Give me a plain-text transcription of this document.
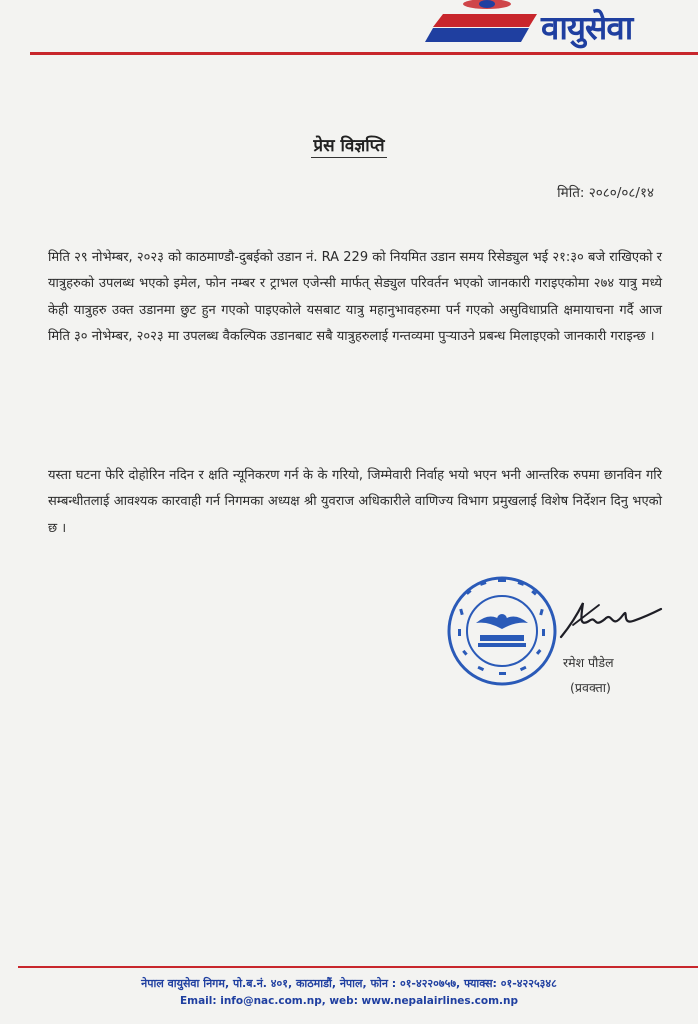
वायुसेवा
प्रेस विज्ञप्ति
मिति: २०८०/०८/१४
मिति २९ नोभेम्बर, २०२३ को काठमाण्डौ-दुबईको उडान नं. RA 229 को नियमित उडान समय रिसेड्युल भई २१:३० बजे राखिएको र यात्रुहरुको उपलब्ध भएको इमेल, फोन नम्बर र ट्राभल एजेन्सी मार्फत् सेड्युल परिवर्तन भएको जानकारी गराइएकोमा २७४ यात्रु मध्ये केही यात्रुहरु उक्त उडानमा छुट हुन गएको पाइएकोले यसबाट यात्रु महानुभावहरुमा पर्न गएको असुविधाप्रति क्षमायाचना गर्दै आज मिति ३० नोभेम्बर, २०२३ मा उपलब्ध वैकल्पिक उडानबाट सबै यात्रुहरुलाई गन्तव्यमा पुऱ्याउने प्रबन्ध मिलाइएको जानकारी गराइन्छ ।
यस्ता घटना फेरि दोहोरिन नदिन र क्षति न्यूनिकरण गर्न के के गरियो, जिम्मेवारी निर्वाह भयो भएन भनी आन्तरिक रुपमा छानविन गरि सम्बन्धीतलाई आवश्यक कारवाही गर्न निगमका अध्यक्ष श्री युवराज अधिकारीले वाणिज्य विभाग प्रमुखलाई विशेष निर्देशन दिनु भएको छ ।
रमेश पौडेल
(प्रवक्ता)
नेपाल वायुसेवा निगम, पो.ब.नं. ४०१, काठमाडौं, नेपाल, फोन : ०१-४२२०७५७, फ्याक्स: ०१-४२२५३४८
Email: info@nac.com.np, web: www.nepalairlines.com.np
